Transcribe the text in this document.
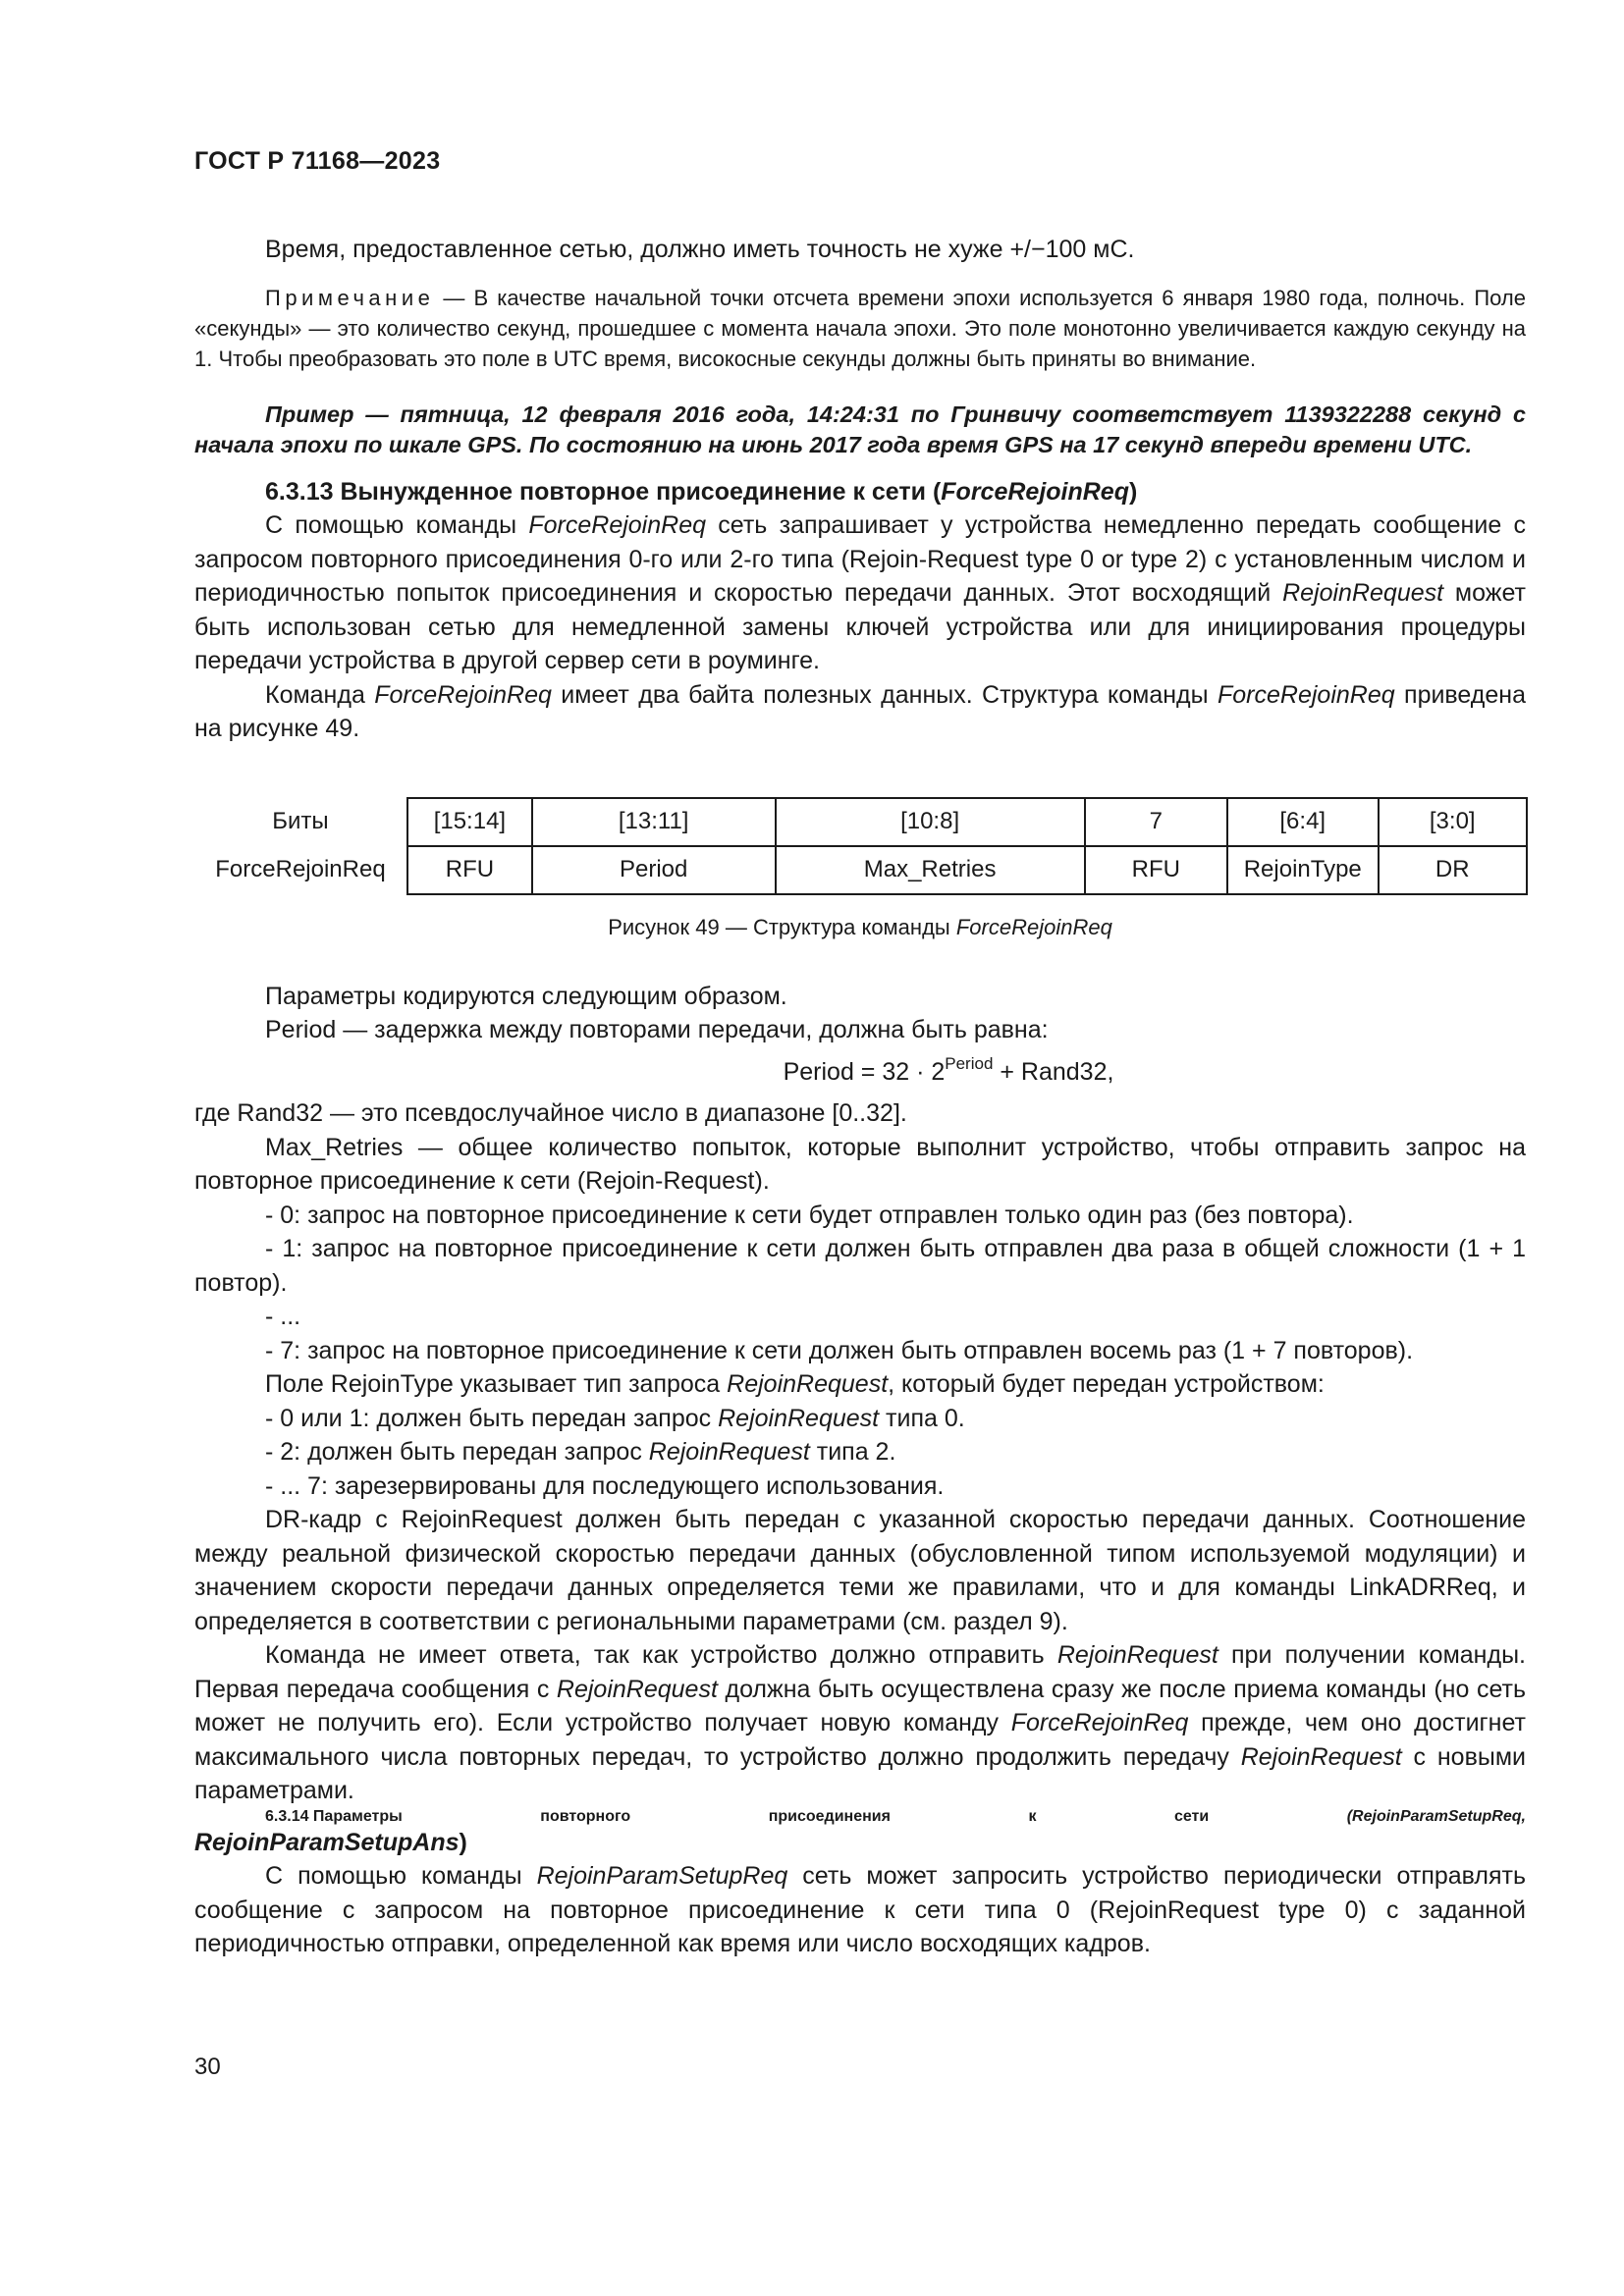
ГОСТ Р 71168—2023

Время, предоставленное сетью, должно иметь точность не хуже +/−100 мС.

Примечание — В качестве начальной точки отсчета времени эпохи используется 6 января 1980 года, полночь. Поле «секунды» — это количество секунд, прошедшее с момента начала эпохи. Это поле монотонно увеличивается каждую секунду на 1. Чтобы преобразовать это поле в UTC время, високосные секунды должны быть приняты во внимание.

Пример — пятница, 12 февраля 2016 года, 14:24:31 по Гринвичу соответствует 1139322288 секунд с начала эпохи по шкале GPS. По состоянию на июнь 2017 года время GPS на 17 секунд впереди времени UTC.

6.3.13 Вынужденное повторное присоединение к сети (ForceRejoinReq)

С помощью команды ForceRejoinReq сеть запрашивает у устройства немедленно передать сообщение с запросом повторного присоединения 0-го или 2-го типа (Rejoin-Request type 0 or type 2) с установленным числом и периодичностью попыток присоединения и скоростью передачи данных. Этот восходящий RejoinRequest может быть использован сетью для немедленной замены ключей устройства или для инициирования процедуры передачи устройства в другой сервер сети в роуминге.

Команда ForceRejoinReq имеет два байта полезных данных. Структура команды ForceRejoinReq приведена на рисунке 49.

Биты	[15:14]	[13:11]	[10:8]	7	[6:4]	[3:0]
ForceRejoinReq	RFU	Period	Max_Retries	RFU	RejoinType	DR
Рисунок 49 — Структура команды ForceRejoinReq

Параметры кодируются следующим образом.

Period — задержка между повторами передачи, должна быть равна:

Period = $32 \cdot 2^{Period}$ + Rand32,

где Rand32 — это псевдослучайное число в диапазоне [0..32].

Max_Retries — общее количество попыток, которые выполнит устройство, чтобы отправить запрос на повторное присоединение к сети (Rejoin-Request).

- 0: запрос на повторное присоединение к сети будет отправлен только один раз (без повтора).

- 1: запрос на повторное присоединение к сети должен быть отправлен два раза в общей сложности (1 + 1 повтор).

- ...

- 7: запрос на повторное присоединение к сети должен быть отправлен восемь раз (1 + 7 повторов).

Поле RejoinType указывает тип запроса RejoinRequest, который будет передан устройством:

- 0 или 1: должен быть передан запрос RejoinRequest типа 0.

- 2: должен быть передан запрос RejoinRequest типа 2.

- ... 7: зарезервированы для последующего использования.

DR-кадр с RejoinRequest должен быть передан с указанной скоростью передачи данных. Соотношение между реальной физической скоростью передачи данных (обусловленной типом используемой модуляции) и значением скорости передачи данных определяется теми же правилами, что и для команды LinkADRReq, и определяется в соответствии с региональными параметрами (см. раздел 9).

Команда не имеет ответа, так как устройство должно отправить RejoinRequest при получении команды. Первая передача сообщения с RejoinRequest должна быть осуществлена сразу же после приема команды (но сеть может не получить его). Если устройство получает новую команду ForceRejoinReq прежде, чем оно достигнет максимального числа повторных передач, то устройство должно продолжить передачу RejoinRequest с новыми параметрами.

6.3.14 Параметры	повторного	присоединения	к	сети	(RejoinParamSetupReq,

RejoinParamSetupAns)

С помощью команды RejoinParamSetupReq сеть может запросить устройство периодически отправлять сообщение с запросом на повторное присоединение к сети типа 0 (RejoinRequest type 0) с заданной периодичностью отправки, определенной как время или число восходящих кадров.

30
